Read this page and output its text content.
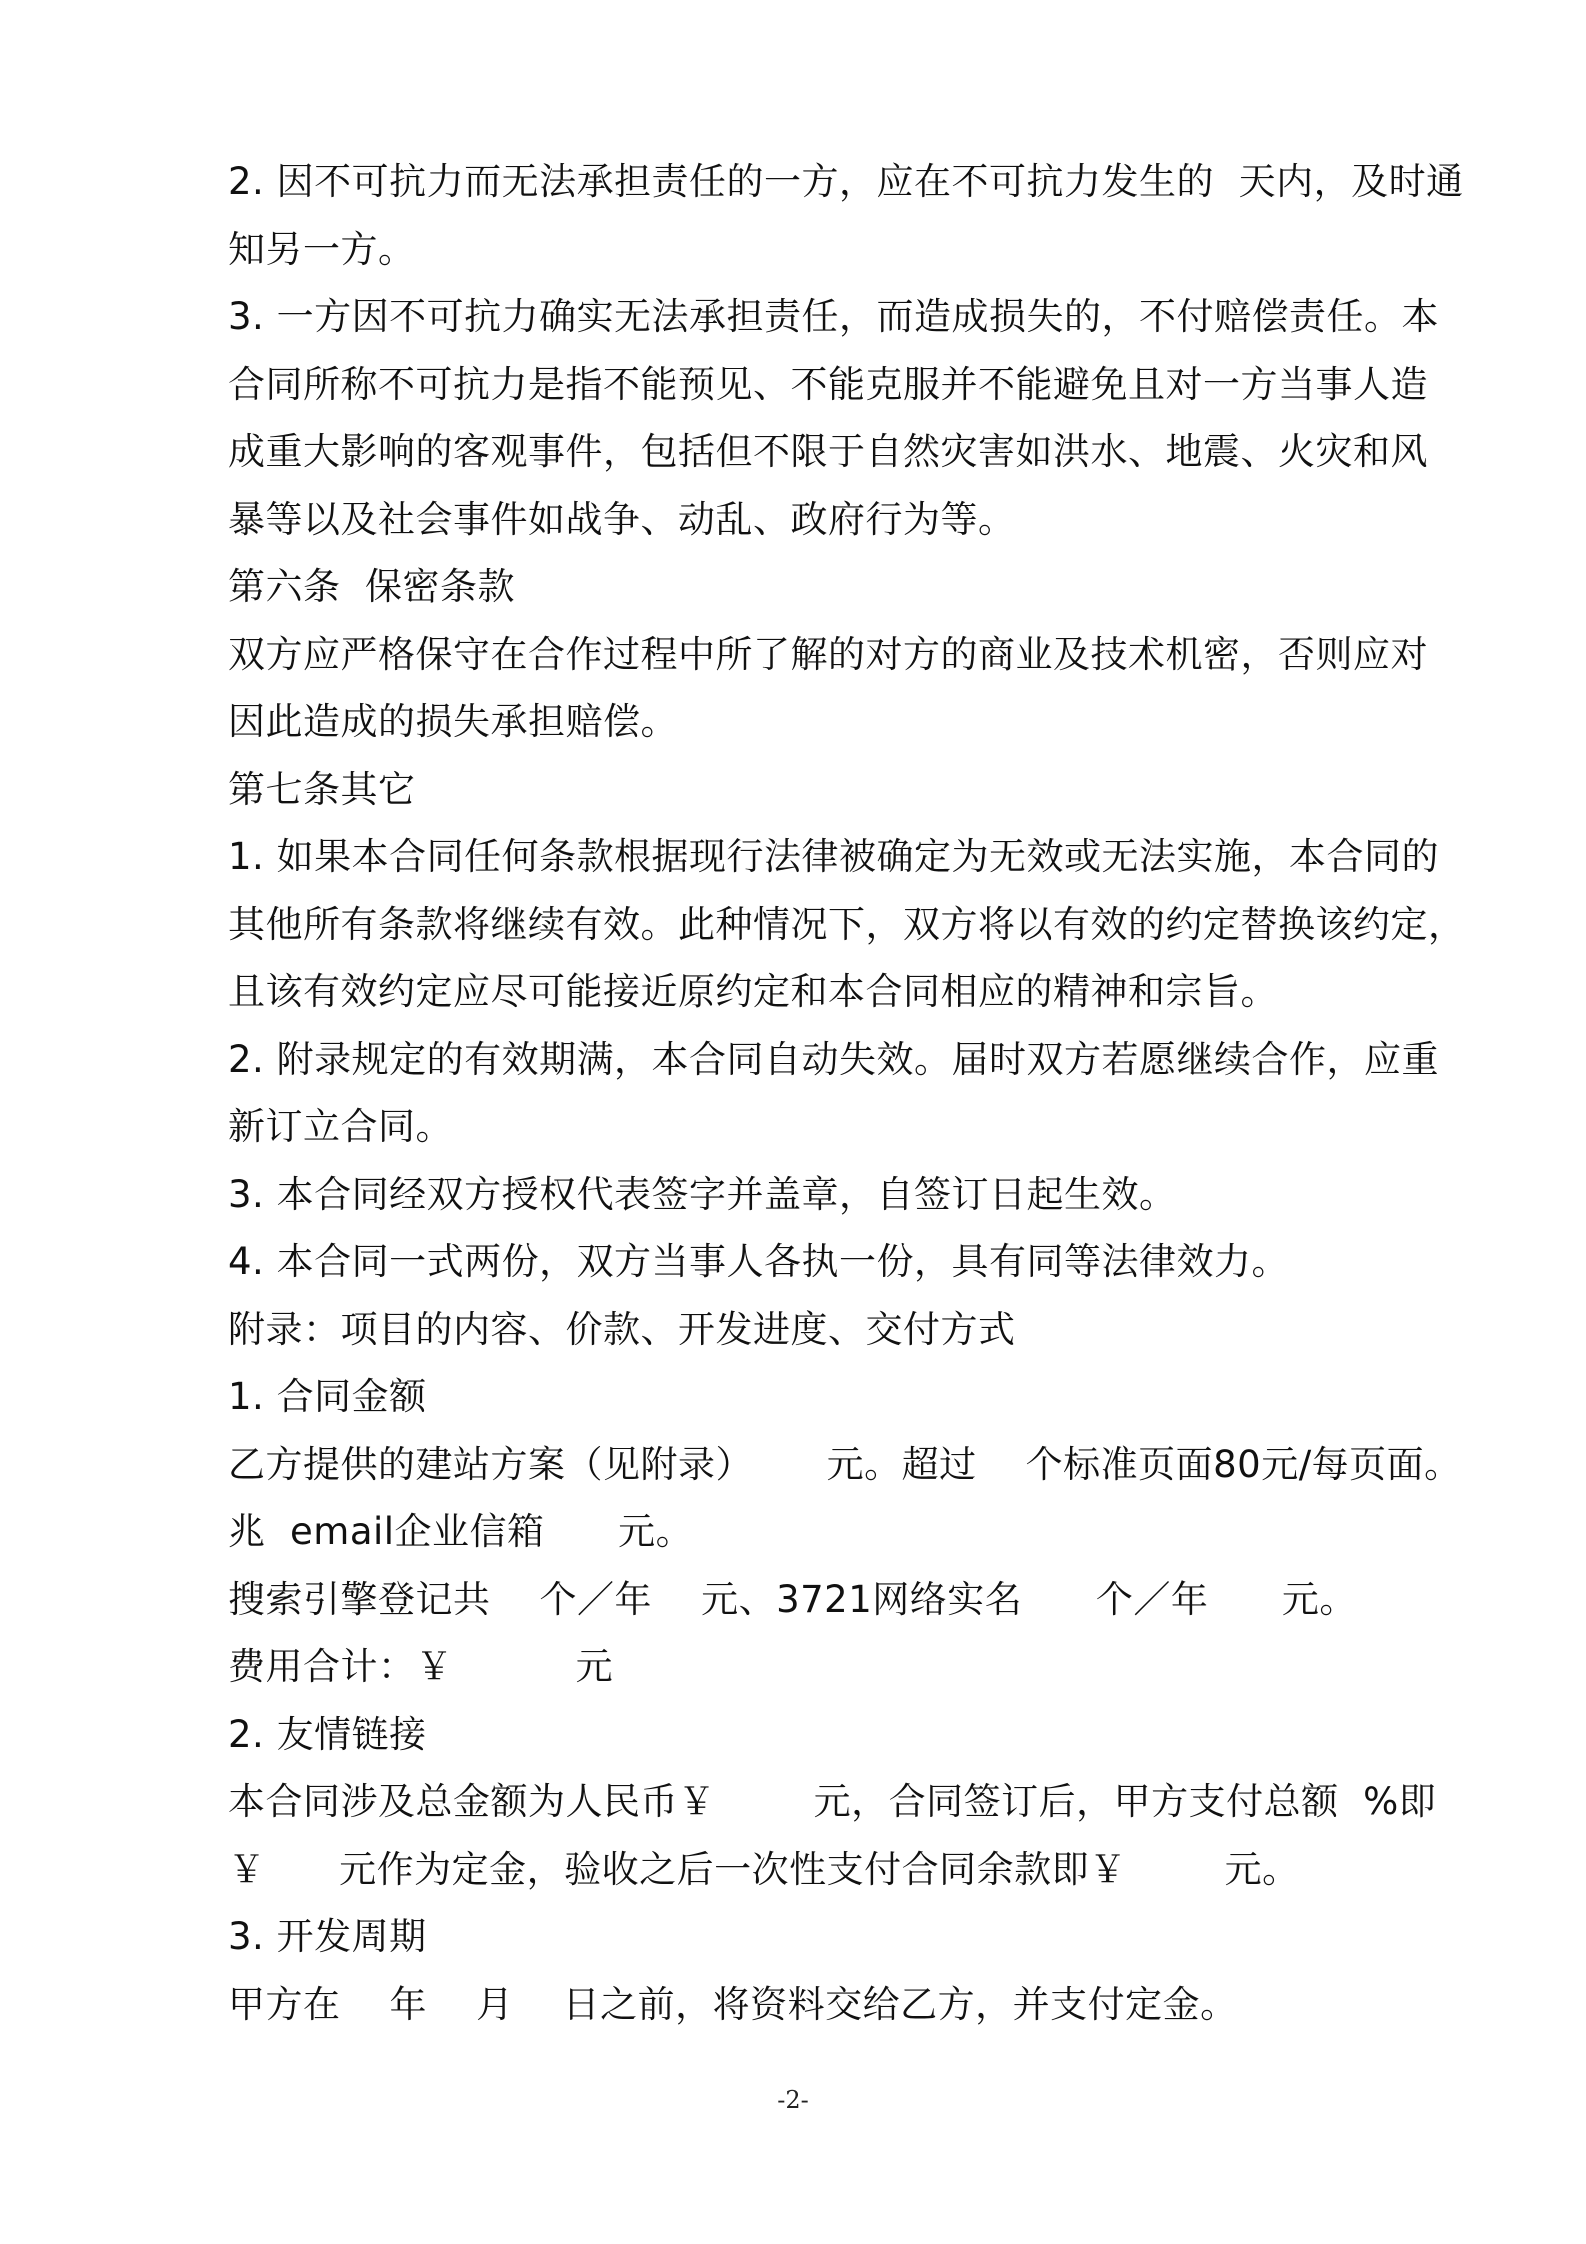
2. 因不可抗力而无法承担责任的一方，应在不可抗力发生的  天内，及时通
知另一方。
3. 一方因不可抗力确实无法承担责任，而造成损失的，不付赔偿责任。本
合同所称不可抗力是指不能预见、不能克服并不能避免且对一方当事人造
成重大影响的客观事件，包括但不限于自然灾害如洪水、地震、火灾和风
暴等以及社会事件如战争、动乱、政府行为等。
第六条  保密条款
双方应严格保守在合作过程中所了解的对方的商业及技术机密，否则应对
因此造成的损失承担赔偿。
第七条其它
1. 如果本合同任何条款根据现行法律被确定为无效或无法实施，本合同的
其他所有条款将继续有效。此种情况下，双方将以有效的约定替换该约定，
且该有效约定应尽可能接近原约定和本合同相应的精神和宗旨。
2. 附录规定的有效期满，本合同自动失效。届时双方若愿继续合作，应重
新订立合同。
3. 本合同经双方授权代表签字并盖章，自签订日起生效。
4. 本合同一式两份，双方当事人各执一份，具有同等法律效力。
附录：项目的内容、价款、开发进度、交付方式
1. 合同金额
乙方提供的建站方案（见附录）      元。超过    个标准页面80元/每页面。
兆  email企业信箱      元。
搜索引擎登记共    个／年    元、3721网络实名      个／年      元。
费用合计：￥          元
2. 友情链接
本合同涉及总金额为人民币￥        元，合同签订后，甲方支付总额  %即
￥      元作为定金，验收之后一次性支付合同余款即￥        元。
3. 开发周期
甲方在    年    月    日之前，将资料交给乙方，并支付定金。
-2-
